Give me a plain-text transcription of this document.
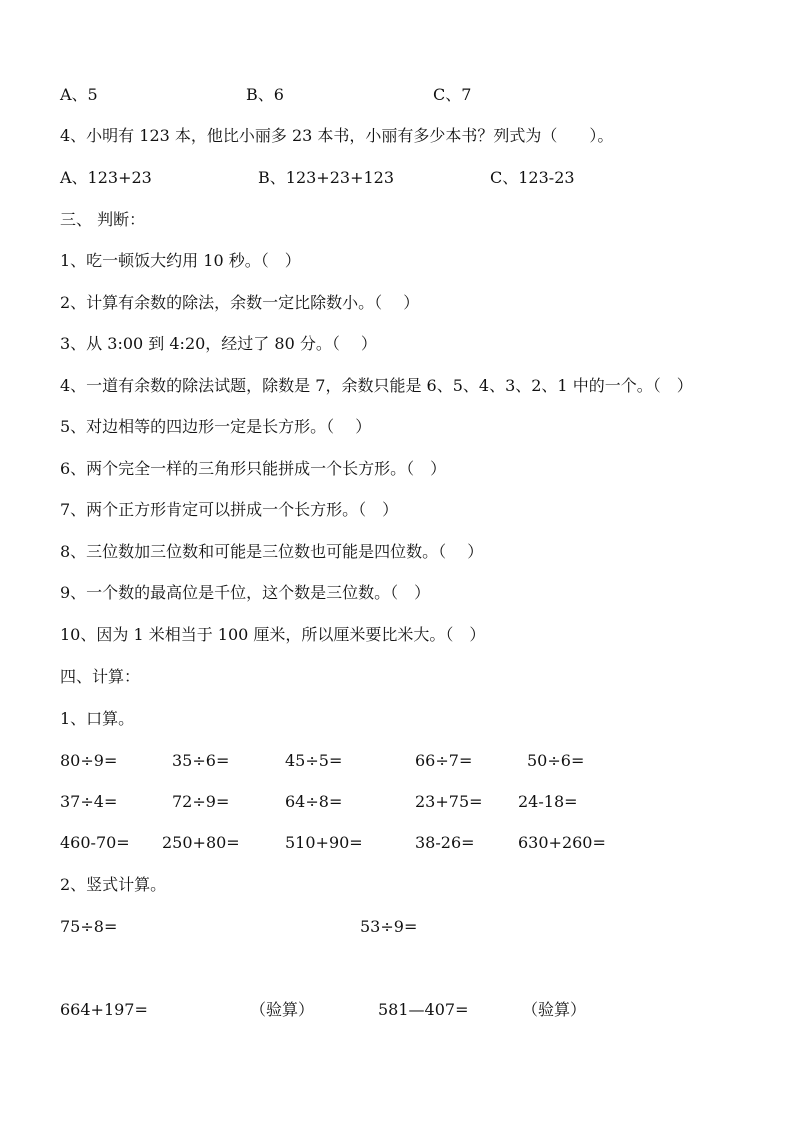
A、5	B、6	C、7
4、小明有 123 本，他比小丽多 23 本书，小丽有多少本书？列式为（　　）。
A、123+23	B、123+23+123	C、123-23
三、 判断：
1、吃一顿饭大约用 10 秒。（　）
2、计算有余数的除法，余数一定比除数小。（　 ）
3、从 3:00 到 4:20，经过了 80 分。（　 ）
4、一道有余数的除法试题，除数是 7，余数只能是 6、5、4、3、2、1 中的一个。（　）
5、对边相等的四边形一定是长方形。（　 ）
6、两个完全一样的三角形只能拼成一个长方形。（　）
7、两个正方形肯定可以拼成一个长方形。（　）
8、三位数加三位数和可能是三位数也可能是四位数。（　 ）
9、一个数的最高位是千位，这个数是三位数。（　）
10、因为 1 米相当于 100 厘米，所以厘米要比米大。（　）
四、计算：
1、口算。
80÷9=	35÷6=	45÷5=	66÷7=	50÷6=
37÷4=	72÷9=	64÷8=	23+75= 24-18=
460-70= 250+80=	510+90=	38-26=	630+260=
2、竖式计算。
75÷8=	53÷9=
664+197=	（验算）	581—407=	（验算）
